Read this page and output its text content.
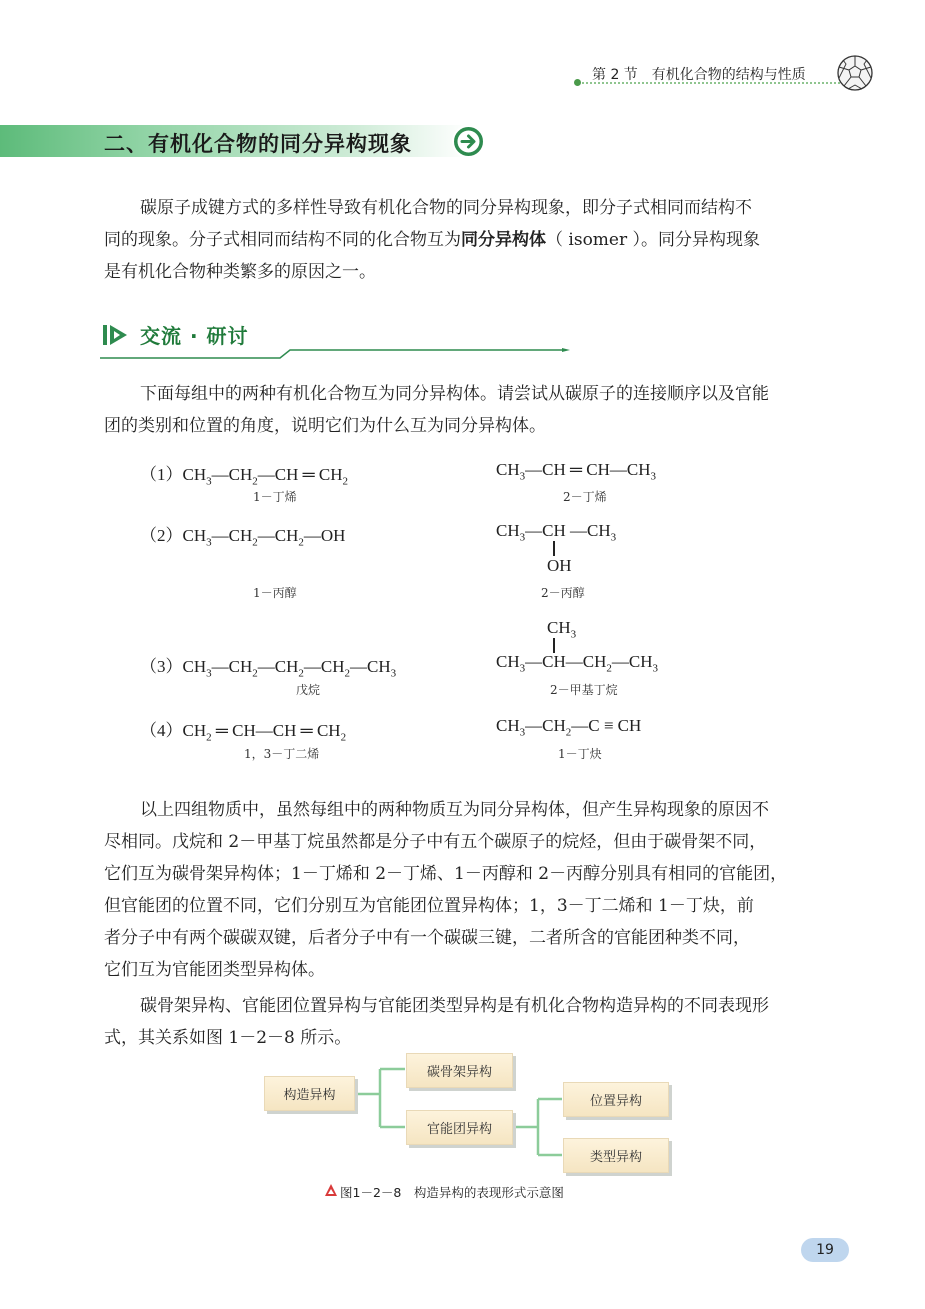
第 2 节　有机化合物的结构与性质
二、有机化合物的同分异构现象
碳原子成键方式的多样性导致有机化合物的同分异构现象，即分子式相同而结构不
同的现象。分子式相同而结构不同的化合物互为同分异构体（ isomer ）。同分异构现象
是有机化合物种类繁多的原因之一。
交流 · 研讨
下面每组中的两种有机化合物互为同分异构体。请尝试从碳原子的连接顺序以及官能
团的类别和位置的角度，说明它们为什么互为同分异构体。
$(1)CH_3—CH_2—CH$ ═ $CH_2$
1－丁烯
$CH_3—CH$ ═ $CH—CH_3$
2－丁烯
$(2)CH_3—CH_2—CH_2—OH$
1－丙醇
$CH_3—CH$ $—CH_3$
OH
2－丙醇
$CH_3$
$(3)CH_3—CH_2—CH_2—CH_2—CH_3$
戊烷
$CH_3—CH—CH_2—CH_3$
2－甲基丁烷
$(4)CH_2$ ═ CH—CH ═ $CH_2$
1，3－丁二烯
$CH_3—CH_2—C$ ≡ CH
1－丁炔
以上四组物质中，虽然每组中的两种物质互为同分异构体，但产生异构现象的原因不
尽相同。戊烷和 2－甲基丁烷虽然都是分子中有五个碳原子的烷烃，但由于碳骨架不同，
它们互为碳骨架异构体；1－丁烯和 2－丁烯、1－丙醇和 2－丙醇分别具有相同的官能团，
但官能团的位置不同，它们分别互为官能团位置异构体；1，3－丁二烯和 1－丁炔，前
者分子中有两个碳碳双键，后者分子中有一个碳碳三键，二者所含的官能团种类不同，
它们互为官能团类型异构体。
碳骨架异构、官能团位置异构与官能团类型异构是有机化合物构造异构的不同表现形
式，其关系如图 1－2－8 所示。
构造异构
碳骨架异构
官能团异构
位置异构
类型异构
图1－2－8　构造异构的表现形式示意图
19
